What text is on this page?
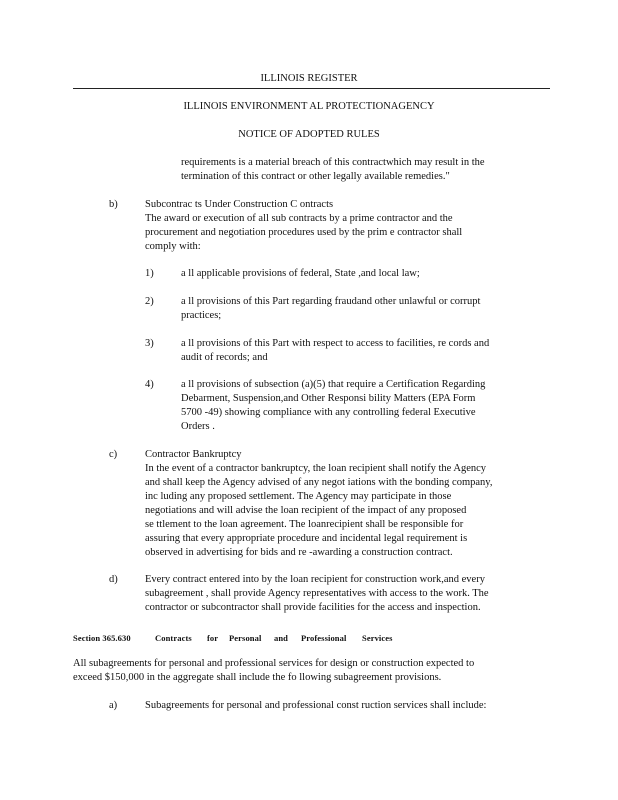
ILLINOIS REGISTER
ILLINOIS ENVIRONMENT AL PROTECTIONAGENCY
NOTICE OF ADOPTED RULES
requirements is a material breach of this contractwhich may result in the
termination of this contract or other legally available remedies."
b)	Subcontrac ts Under Construction C ontracts
The award or execution of all sub contracts by a prime contractor and the
procurement and negotiation procedures used by the prim e contractor shall
comply with:
1)	a ll applicable provisions of federal, State ,and local law;
2)	a ll provisions of this Part regarding fraudand other unlawful or corrupt
practices;
3)	a ll provisions of this Part with respect to access to facilities, re cords and
audit of records; and
4)	a ll provisions of subsection (a)(5) that require a Certification Regarding
Debarment, Suspension,and Other Responsi bility Matters (EPA Form
5700 -49) showing compliance with any controlling federal Executive
Orders .
c)	Contractor Bankruptcy
In the event of a contractor bankruptcy, the loan recipient shall notify the Agency
and shall keep the Agency advised of any negot iations with the bonding company,
inc luding any proposed settlement. The Agency may participate in those
negotiations and will advise the loan recipient of the impact of any proposed
se ttlement to the loan agreement. The loanrecipient shall be responsible for
assuring that every appropriate procedure and incidental legal requirement is
observed in advertising for bids and re -awarding a construction contract.
d)	Every contract entered into by the loan recipient for construction work,and every
subagreement , shall provide Agency representatives with access to the work. The
contractor or subcontractor shall provide facilities for the access and inspection.
Section 365.630	Contracts for Personal and Professional Services
All subagreements for personal and professional services for design or construction expected to
exceed $150,000 in the aggregate shall include the fo llowing subagreement provisions.
a)	Subagreements for personal and professional const ruction services shall include:
